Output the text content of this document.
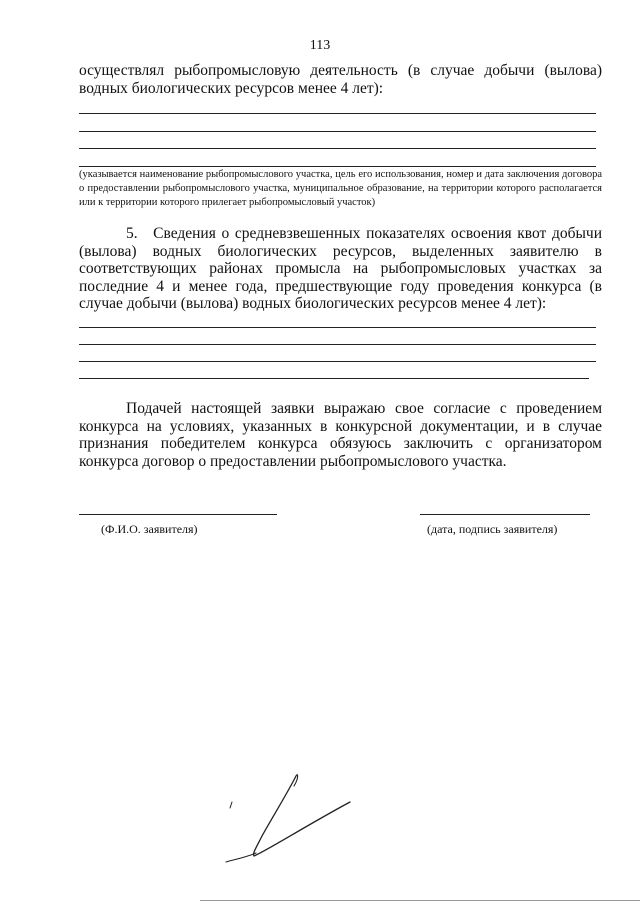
113
осуществлял рыбопромысловую деятельность (в случае добычи (вылова) водных биологических ресурсов менее 4 лет):
(указывается наименование рыбопромыслового участка, цель его использования, номер и дата заключения договора о предоставлении рыбопромыслового участка, муниципальное образование, на территории которого располагается или к территории которого прилегает рыбопромысловый участок)
5. Сведения о средневзвешенных показателях освоения квот добычи (вылова) водных биологических ресурсов, выделенных заявителю в соответствующих районах промысла на рыбопромысловых участках за последние 4 и менее года, предшествующие году проведения конкурса (в случае добычи (вылова) водных биологических ресурсов менее 4 лет):
Подачей настоящей заявки выражаю свое согласие с проведением конкурса на условиях, указанных в конкурсной документации, и в случае признания победителем конкурса обязуюсь заключить с организатором конкурса договор о предоставлении рыбопромыслового участка.
(Ф.И.О. заявителя)	(дата, подпись заявителя)
